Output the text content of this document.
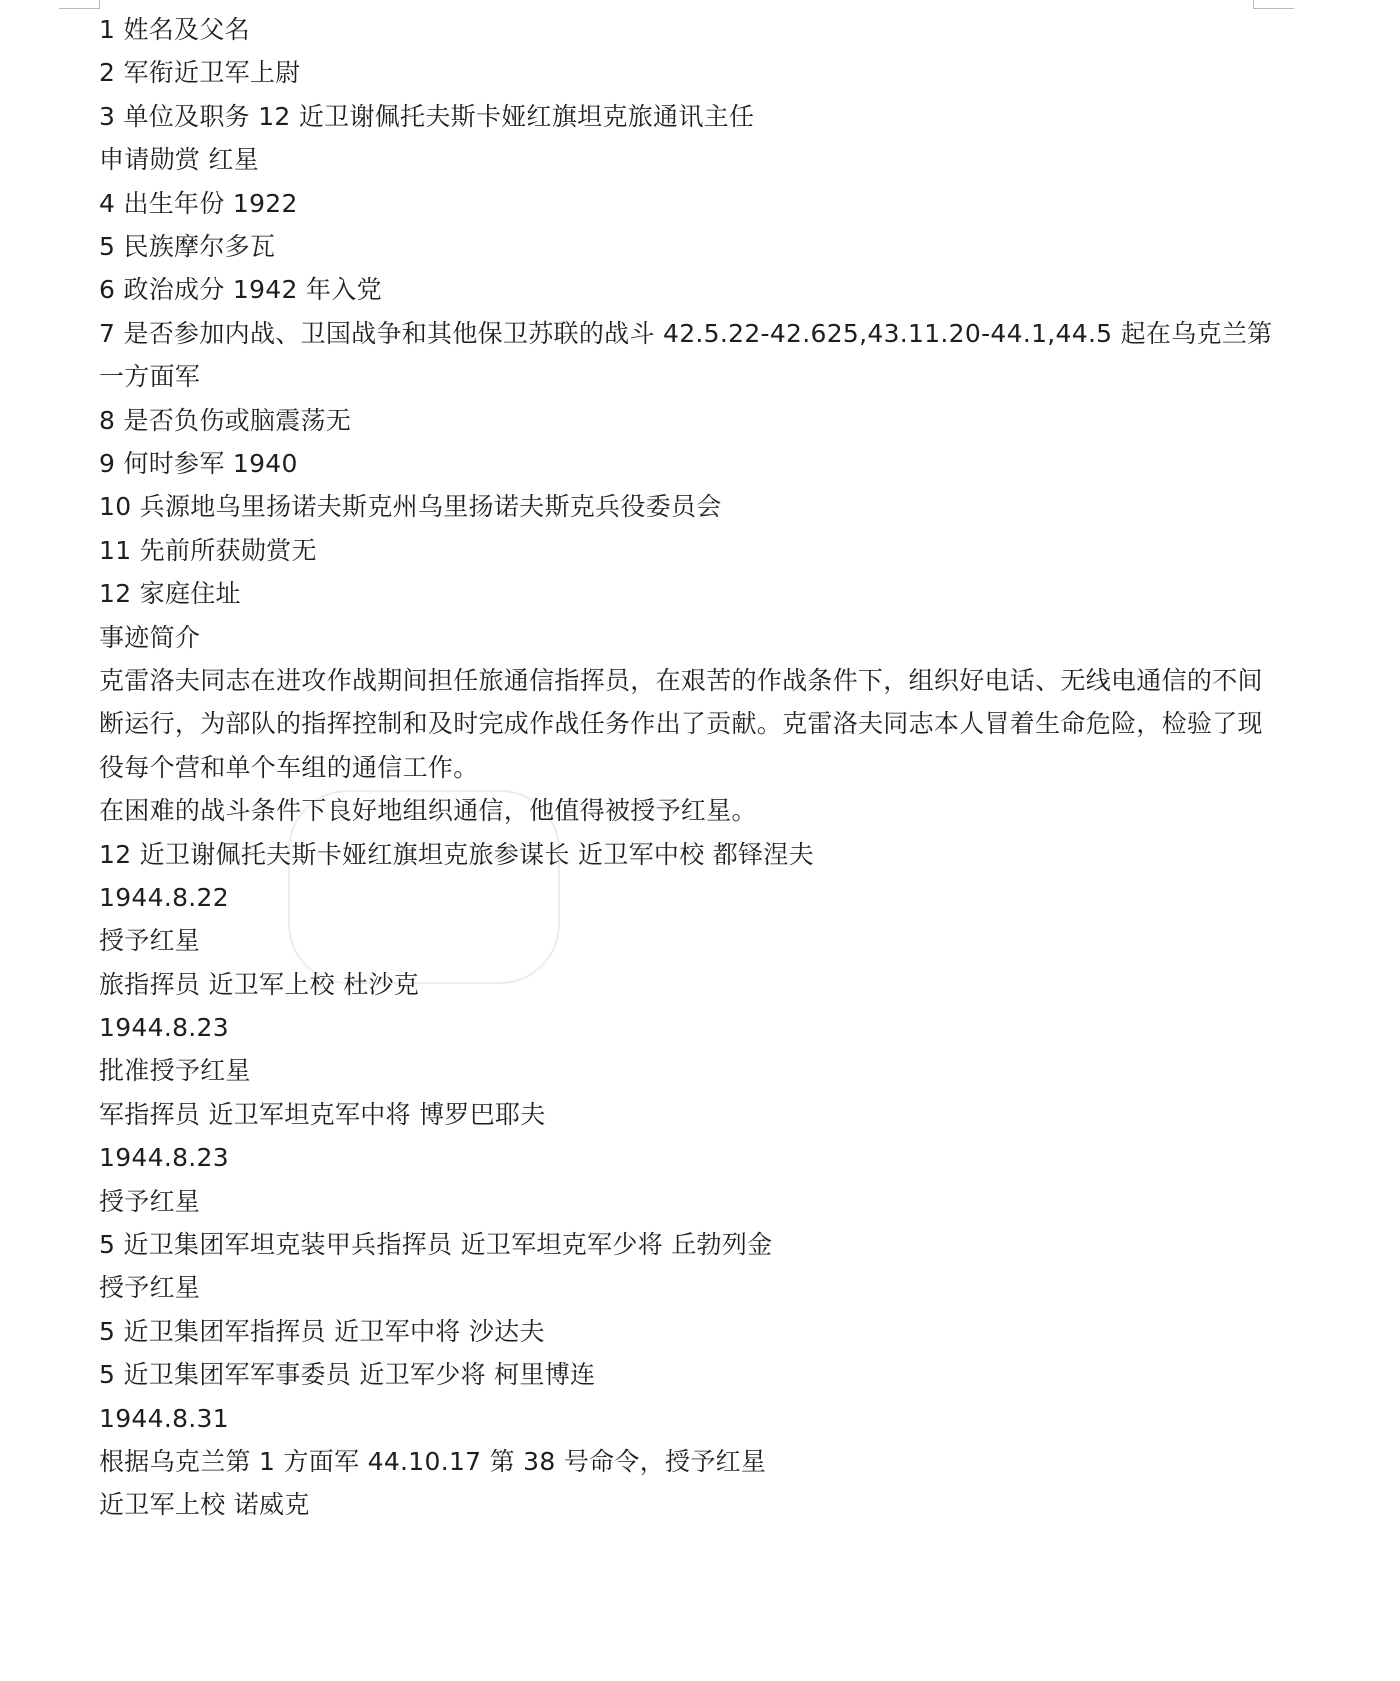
1 姓名及父名
2 军衔近卫军上尉
3 单位及职务 12 近卫谢佩托夫斯卡娅红旗坦克旅通讯主任
申请勋赏 红星
4 出生年份 1922
5 民族摩尔多瓦
6 政治成分 1942 年入党
7 是否参加内战、卫国战争和其他保卫苏联的战斗 42.5.22-42.625,43.11.20-44.1,44.5 起在乌克兰第一方面军
8 是否负伤或脑震荡无
9 何时参军 1940
10 兵源地乌里扬诺夫斯克州乌里扬诺夫斯克兵役委员会
11 先前所获勋赏无
12 家庭住址
事迹简介
克雷洛夫同志在进攻作战期间担任旅通信指挥员，在艰苦的作战条件下，组织好电话、无线电通信的不间断运行，为部队的指挥控制和及时完成作战任务作出了贡献。克雷洛夫同志本人冒着生命危险，检验了现役每个营和单个车组的通信工作。
在困难的战斗条件下良好地组织通信，他值得被授予红星。
12 近卫谢佩托夫斯卡娅红旗坦克旅参谋长 近卫军中校 都铎涅夫
1944.8.22
授予红星
旅指挥员 近卫军上校 杜沙克
1944.8.23
批准授予红星
军指挥员 近卫军坦克军中将 博罗巴耶夫
1944.8.23
授予红星
5 近卫集团军坦克装甲兵指挥员 近卫军坦克军少将 丘勃列金
授予红星
5 近卫集团军指挥员 近卫军中将 沙达夫
5 近卫集团军军事委员 近卫军少将 柯里博连
1944.8.31
根据乌克兰第 1 方面军 44.10.17 第 38 号命令，授予红星
近卫军上校 诺威克
